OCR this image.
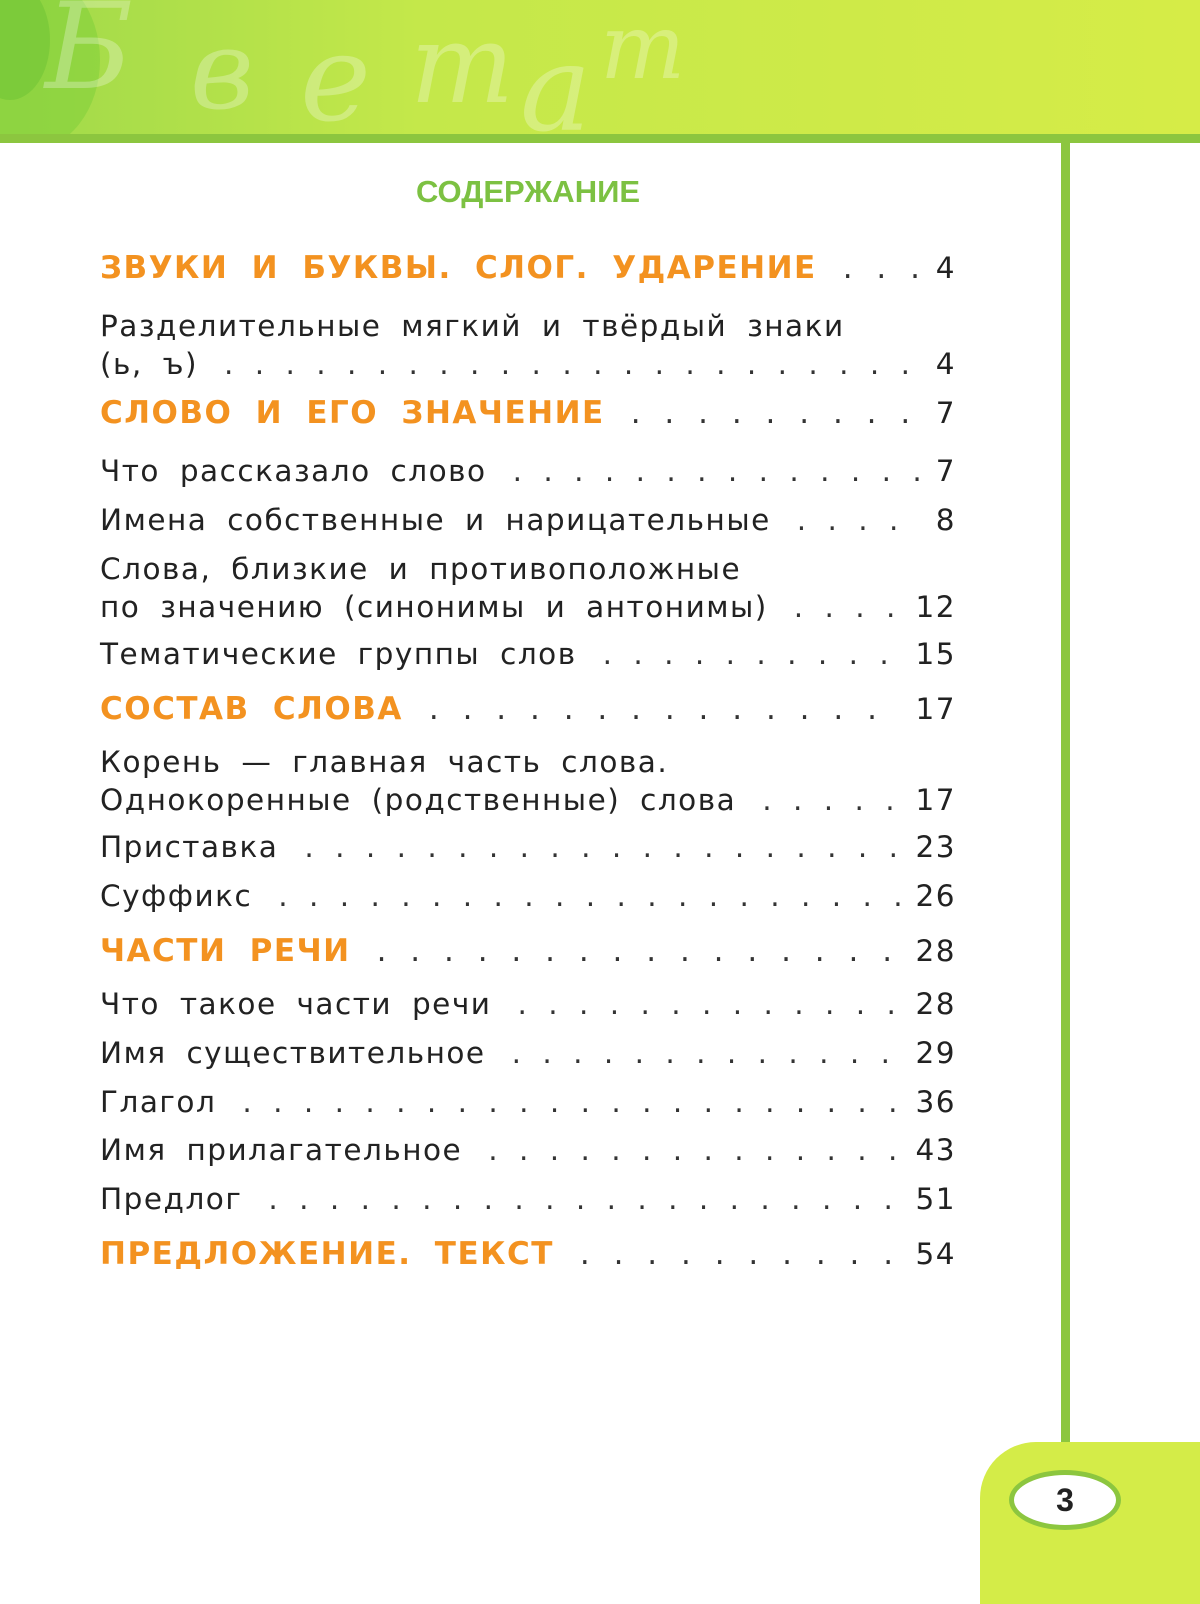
Б в е т а m
СОДЕРЖАНИЕ
ЗВУКИ И БУКВЫ. СЛОГ. УДАРЕНИЕ . . .	4
Разделительные мягкий и твёрдый знаки
(ь, ъ) . . .	4
СЛОВО И ЕГО ЗНАЧЕНИЕ . . .	7
Что рассказало слово . . .	7
Имена собственные и нарицательные . . .	8
Слова, близкие и противоположные
по значению (синонимы и антонимы) . . .	12
Тематические группы слов . . .	15
СОСТАВ СЛОВА . . .	17
Корень — главная часть слова.
Однокоренные (родственные) слова . . .	17
Приставка . . .	23
Суффикс . . .	26
ЧАСТИ РЕЧИ . . .	28
Что такое части речи . . .	28
Имя существительное . . .	29
Глагол . . .	36
Имя прилагательное . . .	43
Предлог . . .	51
ПРЕДЛОЖЕНИЕ. ТЕКСТ . . .	54
3
